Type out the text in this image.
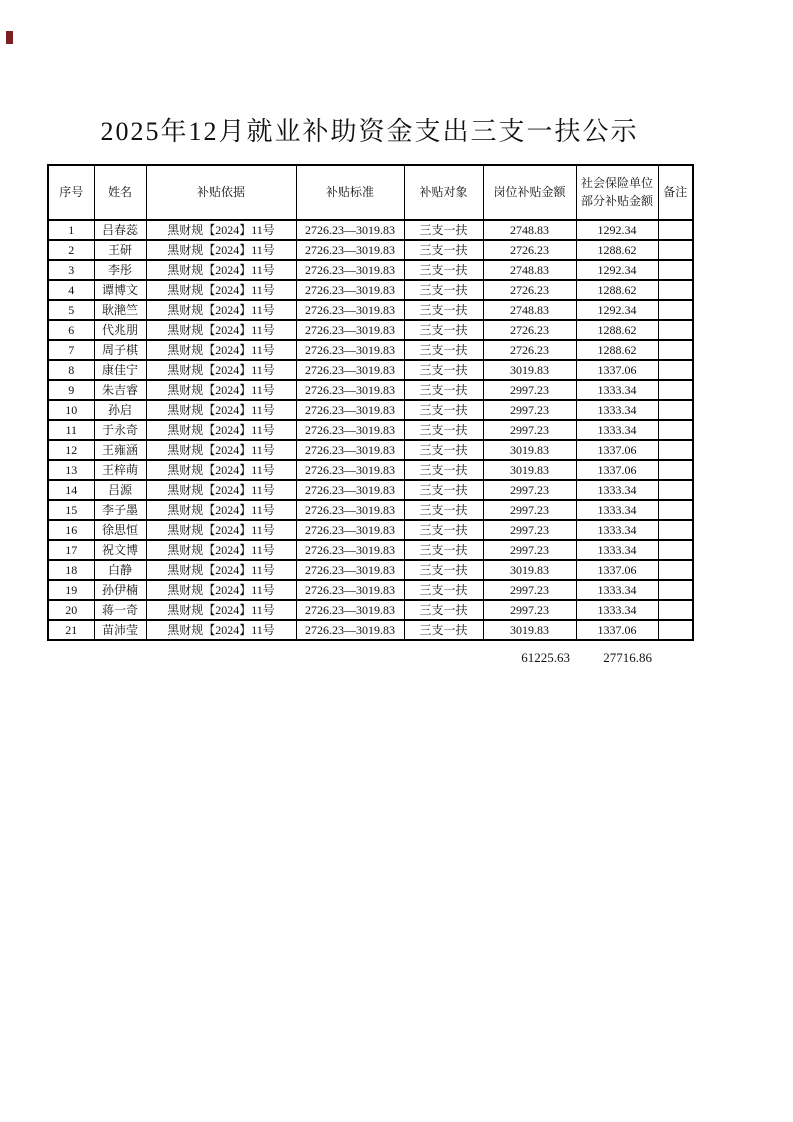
2025年12月就业补助资金支出三支一扶公示
序号	姓名	补贴依据	补贴标准	补贴对象	岗位补贴金额	社会保险单位部分补贴金额	备注
1	吕春蕊	黑财规【2024】11号	2726.23—3019.83	三支一扶	2748.83	1292.34	
2	王研	黑财规【2024】11号	2726.23—3019.83	三支一扶	2726.23	1288.62	
3	李彤	黑财规【2024】11号	2726.23—3019.83	三支一扶	2748.83	1292.34	
4	谭博文	黑财规【2024】11号	2726.23—3019.83	三支一扶	2726.23	1288.62	
5	耿滟竺	黑财规【2024】11号	2726.23—3019.83	三支一扶	2748.83	1292.34	
6	代兆朋	黑财规【2024】11号	2726.23—3019.83	三支一扶	2726.23	1288.62	
7	周子棋	黑财规【2024】11号	2726.23—3019.83	三支一扶	2726.23	1288.62	
8	康佳宁	黑财规【2024】11号	2726.23—3019.83	三支一扶	3019.83	1337.06	
9	朱吉睿	黑财规【2024】11号	2726.23—3019.83	三支一扶	2997.23	1333.34	
10	孙启	黑财规【2024】11号	2726.23—3019.83	三支一扶	2997.23	1333.34	
11	于永奇	黑财规【2024】11号	2726.23—3019.83	三支一扶	2997.23	1333.34	
12	王雍涵	黑财规【2024】11号	2726.23—3019.83	三支一扶	3019.83	1337.06	
13	王梓萌	黑财规【2024】11号	2726.23—3019.83	三支一扶	3019.83	1337.06	
14	吕源	黑财规【2024】11号	2726.23—3019.83	三支一扶	2997.23	1333.34	
15	李子墨	黑财规【2024】11号	2726.23—3019.83	三支一扶	2997.23	1333.34	
16	徐思恒	黑财规【2024】11号	2726.23—3019.83	三支一扶	2997.23	1333.34	
17	祝文博	黑财规【2024】11号	2726.23—3019.83	三支一扶	2997.23	1333.34	
18	白静	黑财规【2024】11号	2726.23—3019.83	三支一扶	3019.83	1337.06	
19	孙伊楠	黑财规【2024】11号	2726.23—3019.83	三支一扶	2997.23	1333.34	
20	蒋一奇	黑财规【2024】11号	2726.23—3019.83	三支一扶	2997.23	1333.34	
21	苗沛莹	黑财规【2024】11号	2726.23—3019.83	三支一扶	3019.83	1337.06	
61225.63	27716.86
